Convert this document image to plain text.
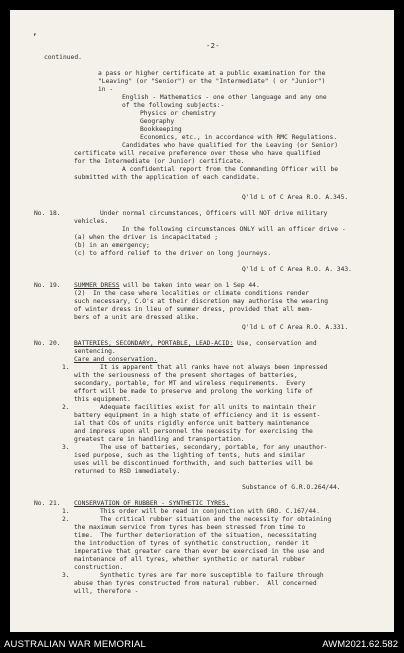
‘
-2-
continued.
a pass or higher certificate at a public examination for the
"Leaving" (or "Senior") or the "Intermediate" ( or "Junior")
in -
English - Mathematics - one other language and any one
of the following subjects:-
Physics or chemistry
Geography
Bookkeeping
Economics, etc., in accordance with RMC Regulations.
Candidates who have qualified for the Leaving (or Senior)
certificate will receive preference over those who have qualified
for the Intermediate (or Junior) certificate.
A confidential report from the Commanding Officer will be
submitted with the application of each candidate.
Q'ld L of C Area R.O. A.345.
No. 18.	Under normal circumstances, Officers will NOT drive military
vehicles.
In the following circumstances ONLY will an officer drive -
(a) when the driver is incapacitated ;
(b) in an emergency;
(c) to afford relief to the driver on long journeys.
Q'ld L of C Area R.O. A. 343.
No. 19. SUMMER DRESS will be taken into wear on 1 Sep 44.
(2)  In the case where localities or climate conditions render
such necessary, C.O's at their discretion may authorise the wearing
of winter dress in lieu of summer dress, provided that all mem-
bers of a unit are dressed alike.
Q'ld L of C Area R.O. A.331.
No. 20. BATTERIES, SECONDARY, PORTABLE, LEAD-ACID: Use, conservation and
sentencing.
Care and conservation.
1.	It is apparent that all ranks have not always been impressed
with the seriousness of the present shortages of batteries,
secondary, portable, for MT and wireless requirements.  Every
effort will be made to preserve and prolong the working life of
this equipment.
2.	Adequate facilities exist for all units to maintain their
battery equipment in a high state of efficiency and it is essent-
ial that COs of units rigidly enforce unit battery maintenance
and impress upon all personnel the necessity for exercising the
greatest care in handling and transportation.
3.	The use of batteries, secondary, portable, for any unauthor-
ised purpose, such as the lighting of tents, huts and similar
uses will be discontinued forthwith, and such batteries will be
returned to RSD immediately.
Substance of G.R.O.264/44.
No. 21. CONSERVATION OF RUBBER - SYNTHETIC TYRES.
1.	This order will be read in conjunction with GRO. C.167/44.
2.	The critical rubber situation and the necessity for obtaining
the maximum service from tyres has been stressed from time to
time.  The further deterioration of the situation, necessitating
the introduction of tyres of synthetic construction, render it
imperative that greater care than ever be exercised in the use and
maintenance of all tyres, whether synthetic or natural rubber
construction.
3.	Synthetic tyres are far more susceptible to failure through
abuse than tyres constructed from natural rubber.  All concerned
will, therefore -
AUSTRALIAN WAR MEMORIAL	AWM2021.62.582
